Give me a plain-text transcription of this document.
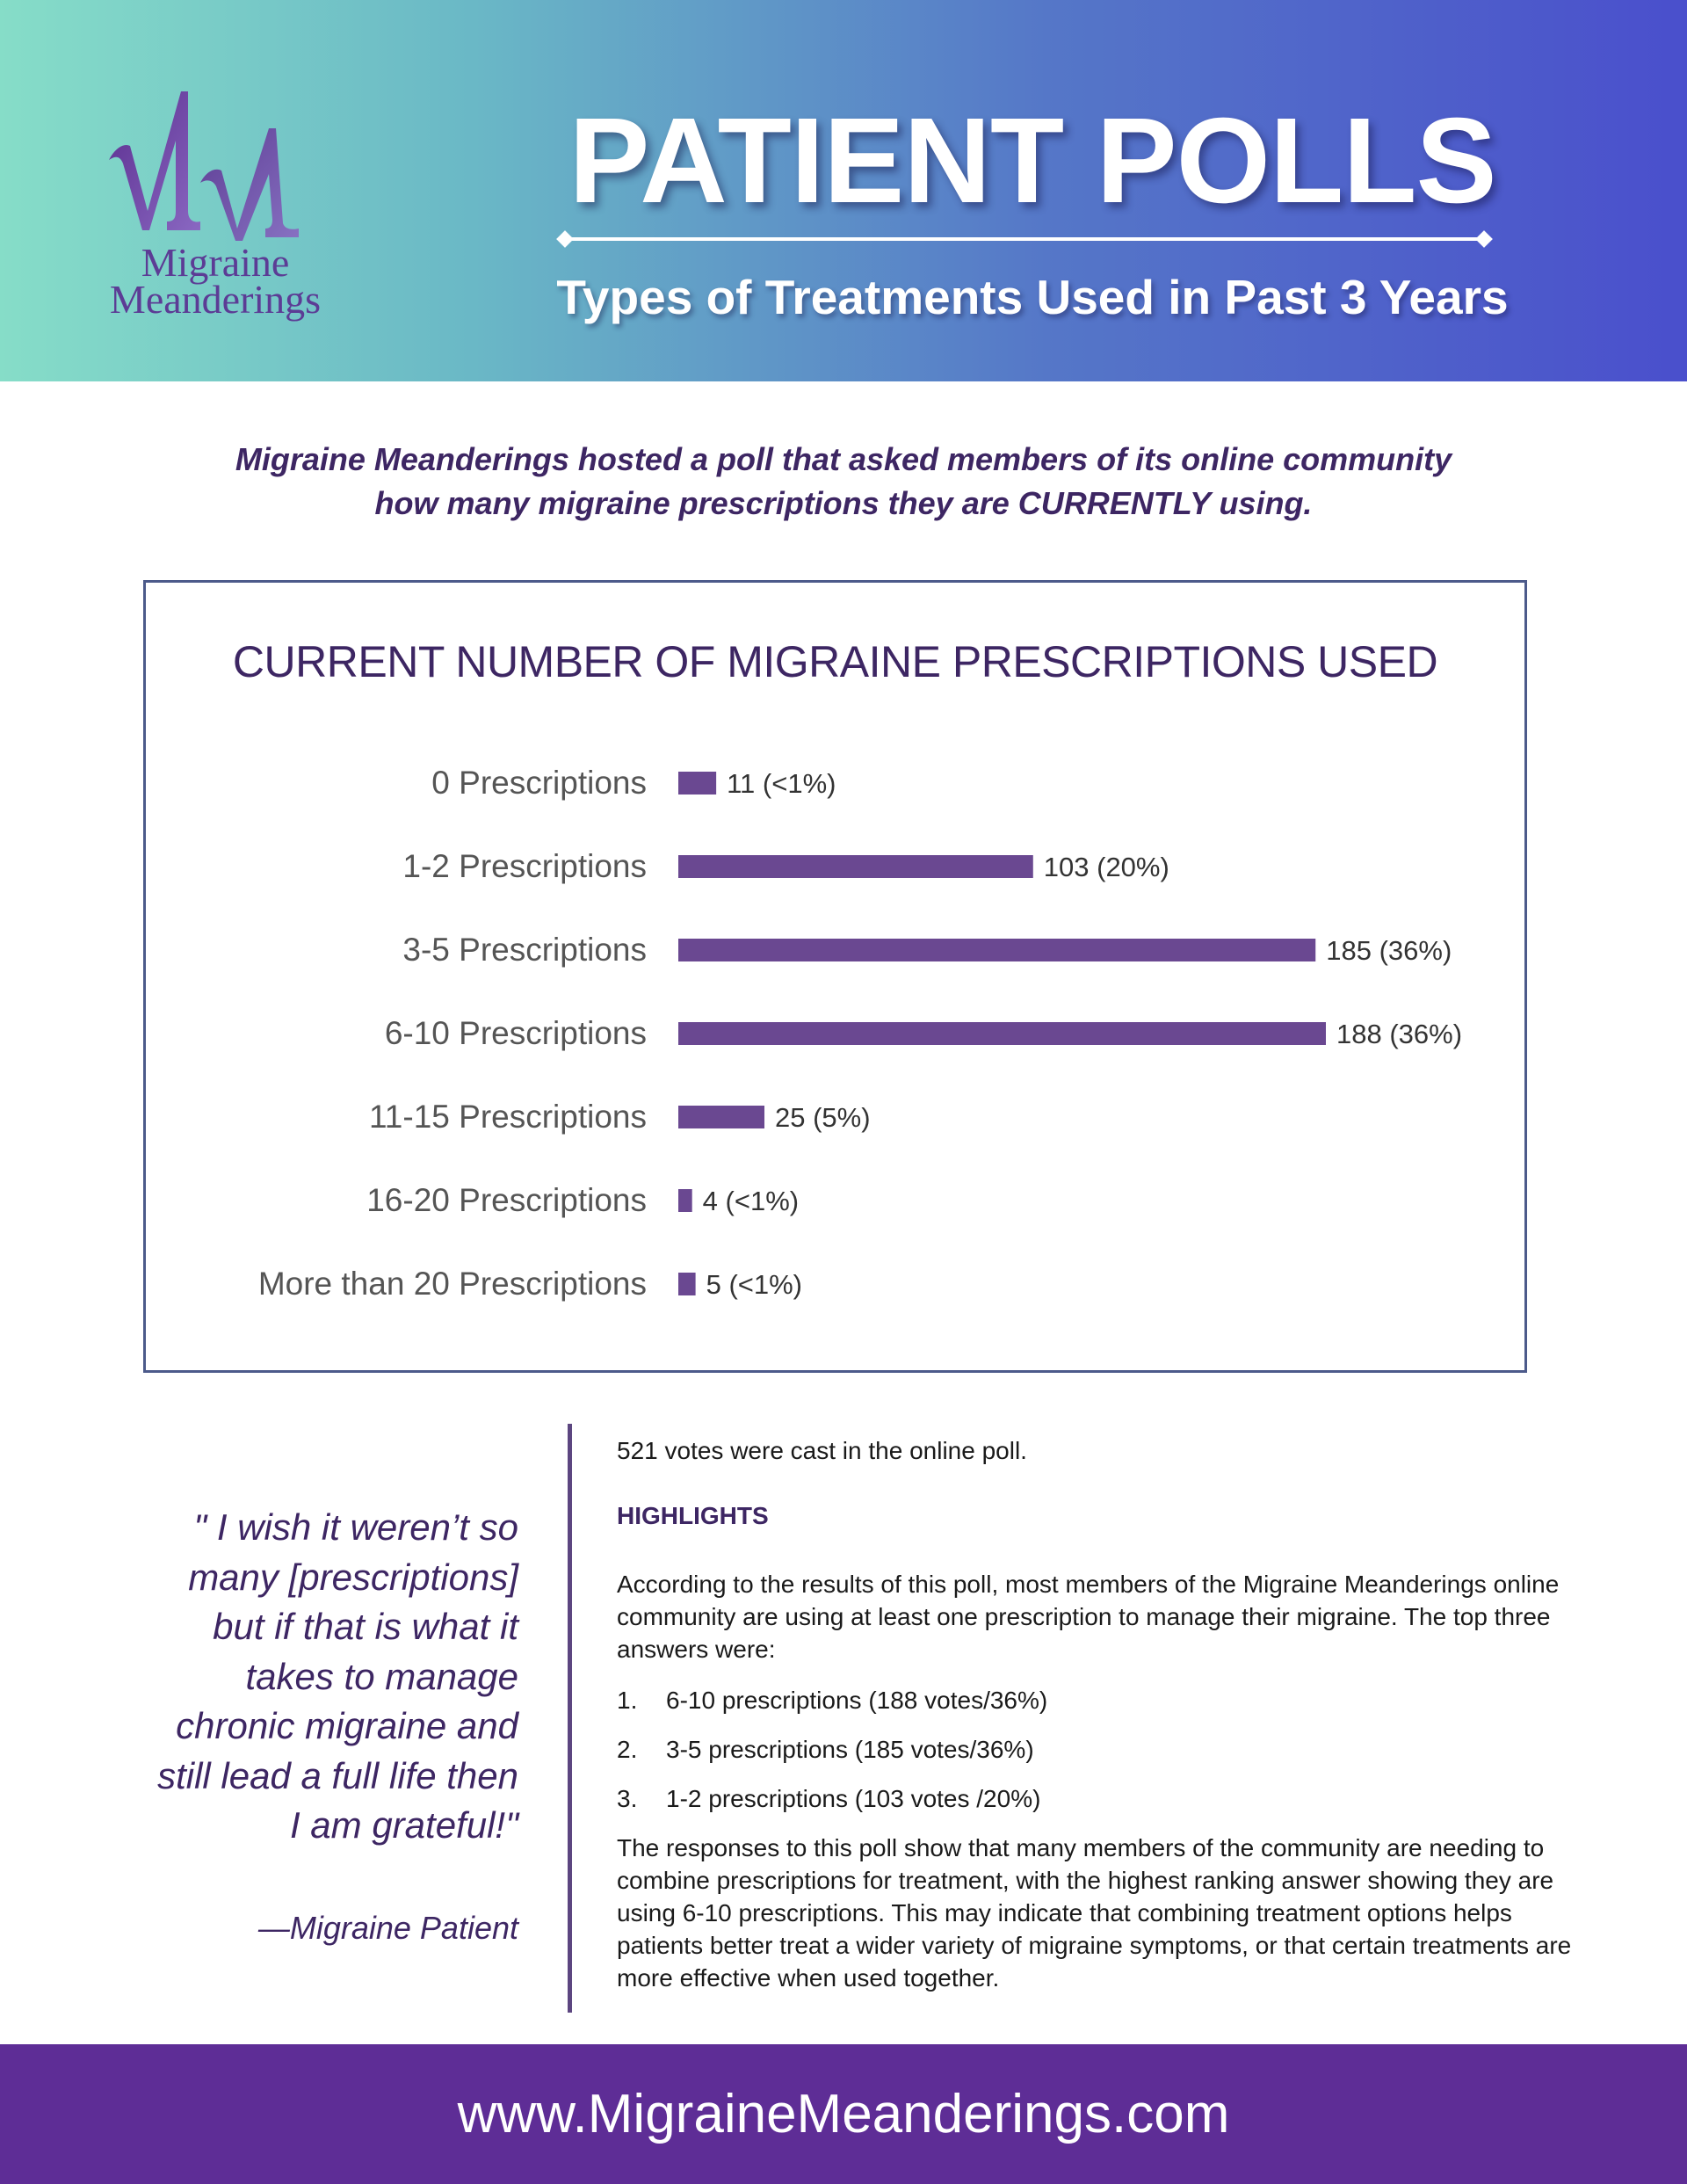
Migraine
Meanderings
PATIENT POLLS
Types of Treatments Used in Past 3 Years
Migraine Meanderings hosted a poll that asked members of its online community
how many migraine prescriptions they are CURRENTLY using.
CURRENT NUMBER OF MIGRAINE PRESCRIPTIONS USED
0 Prescriptions	11 (<1%)
1-2 Prescriptions	103 (20%)
3-5 Prescriptions	185 (36%)
6-10 Prescriptions	188 (36%)
11-15 Prescriptions	25 (5%)
16-20 Prescriptions 4 (<1%)
More than 20 Prescriptions 5 (<1%)
" I wish it weren’t so
many [prescriptions]
but if that is what it
takes to manage
chronic migraine and
still lead a full life then
I am grateful!"
—Migraine Patient
521 votes were cast in the online poll.
HIGHLIGHTS
According to the results of this poll, most members of the Migraine Meanderings online
community are using at least one prescription to manage their migraine. The top three
answers were:
1. 6-10 prescriptions (188 votes/36%)
2. 3-5 prescriptions (185 votes/36%)
3. 1-2 prescriptions (103 votes /20%)
The responses to this poll show that many members of the community are needing to
combine prescriptions for treatment, with the highest ranking answer showing they are
using 6-10 prescriptions. This may indicate that combining treatment options helps
patients better treat a wider variety of migraine symptoms, or that certain treatments are
more effective when used together.
www.MigraineMeanderings.com
